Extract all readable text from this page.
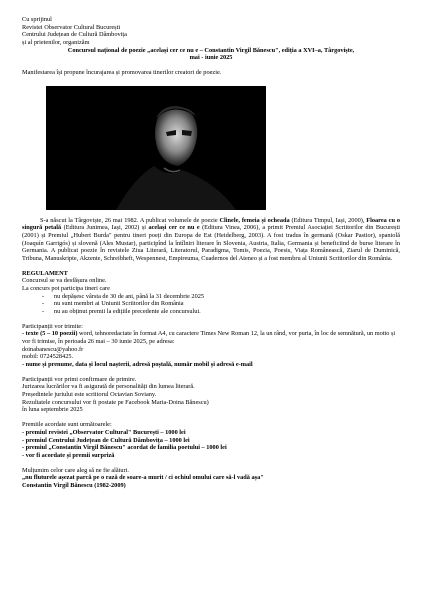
Cu sprijinul

Revistei Observator Cultural București

Centrului Județean de Cultură Dâmbovița

și al prietenilor, organizăm

Concursul național de poezie „același cer ce nu e – Constantin Virgil Bănescu", ediția a XVI–a, Târgoviște,

mai - iunie 2025

Manifestarea își propune încurajarea și promovarea tinerilor creatori de poezie.

S-a născut la Târgoviște, 26 mai 1982. A publicat volumele de poezie Clinele, femeia și ocheada (Editura Timpul, Iași, 2000), Floarea cu o singură petală (Editura Junimea, Iași, 2002) și același cer ce nu e (Editura Vinea, 2006), a primit Premiul Asociației Scriitorilor din București (2001) și Premiul „Hubert Burda" pentru tineri poeți din Europa de Est (Heidelberg, 2003). A fost tradus în germană (Oskar Pastior), spaniolă (Joaquín Garrigós) și slovenă (Ales Mustar), participînd la întîlniri literare în Slovenia, Austria, Italia, Germania și beneficiind de burse literare în Germania. A publicat poezie în revistele Ziua Literară, Literatorul, Paradigma, Tomis, Poezia, Poesis, Viața Românească, Ziarul de Duminică, Tribuna, Manuskripte, Akzente, Schreibheft, Wespennest, Empireuma, Cuadernos del Ateneo și a fost membru al Uniunii Scriitorilor din România.

REGULAMENT

Concursul se va desfășura online.

La concurs pot participa tineri care

- nu depășesc vârsta de 30 de ani, până la 31 decembrie 2025
- nu sunt membri ai Uniunii Scriitorilor din România
- nu au obținut premii la edițiile precedente ale concursului.

Participanții vor trimite:

- texte (5 – 10 poezii) word, tehnoredactate în format A4, cu caractere Times New Roman 12, la un rând, vor purta, în loc de semnătură, un motto și vor fi trimise, în perioada 26 mai – 30 iunie 2025, pe adresa:

doinabanescu@yahoo.fr

mobil: 0724528425.

- nume și prenume, data și locul nașterii, adresă poștală, număr mobil și adresă e-mail

Participanții vor primi confirmare de primire.

Jurizarea lucrărilor va fi asigurată de personalități din lumea literară.

Președintele juriului este scriitorul Octavian Soviany.

Rezultatele concursului vor fi postate pe Facebook Maria-Doina Bănescu)

în luna septembrie 2025

Premiile acordate sunt următoarele:

- premiul revistei „Observator Cultural" București – 1000 lei

- premiul Centrului Județean de Cultură Dâmbovița – 1000 lei

- premiul „Constantin Virgil Bănescu" acordat de familia poetului – 1000 lei

- vor fi acordate și premii surpriză

Mulțumim celor care aleg să ne fie alături.

„nu fluturele așezat parcă pe o rază de soare-a murit / ci ochiul omului care să-l vadă așa"

Constantin Virgil Bănescu (1982-2009)
